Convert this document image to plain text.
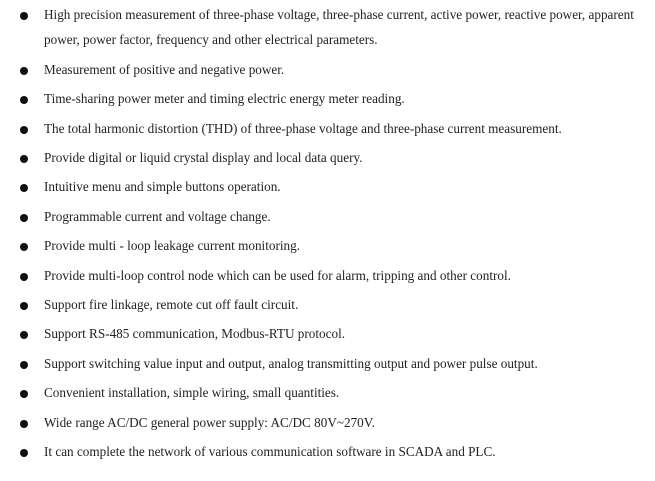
High precision measurement of three-phase voltage, three-phase current, active power, reactive power, apparent power, power factor, frequency and other electrical parameters.
Measurement of positive and negative power.
Time-sharing power meter and timing electric energy meter reading.
The total harmonic distortion (THD) of three-phase voltage and three-phase current measurement.
Provide digital or liquid crystal display and local data query.
Intuitive menu and simple buttons operation.
Programmable current and voltage change.
Provide multi - loop leakage current monitoring.
Provide multi-loop control node which can be used for alarm, tripping and other control.
Support fire linkage, remote cut off fault circuit.
Support RS-485 communication, Modbus-RTU protocol.
Support switching value input and output, analog transmitting output and power pulse output.
Convenient installation, simple wiring, small quantities.
Wide range AC/DC general power supply: AC/DC 80V~270V.
It can complete the network of various communication software in SCADA and PLC.
